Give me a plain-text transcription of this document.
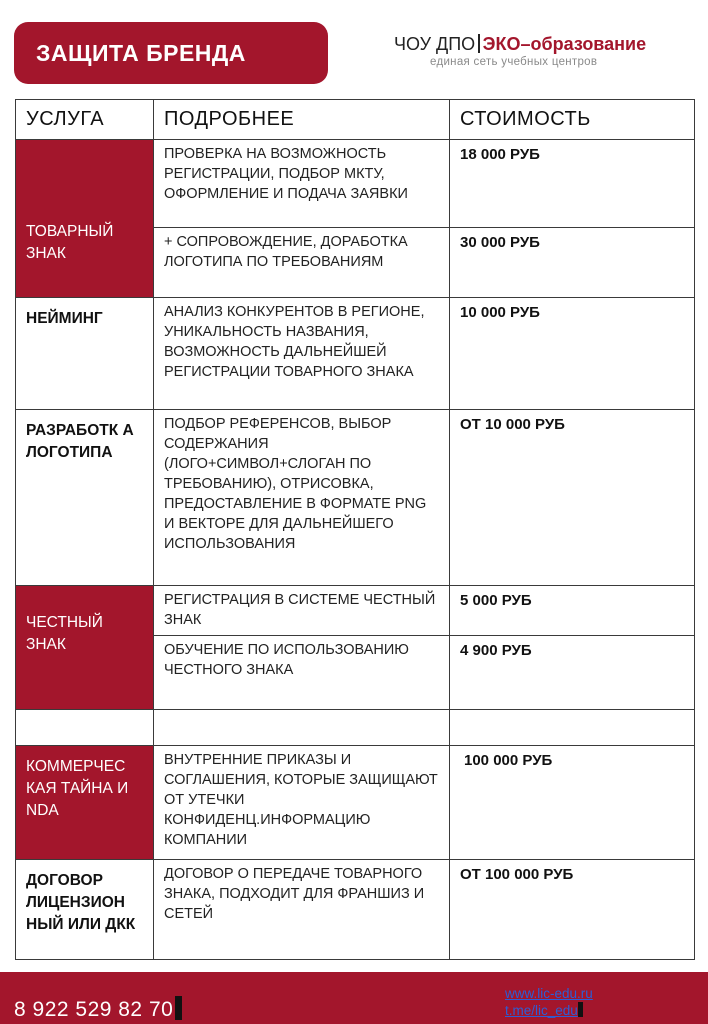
ЗАЩИТА БРЕНДА	ЧОУ ДПО ЭКО–образование
единая сеть учебных центров
УСЛУГА	ПОДРОБНЕЕ	СТОИМОСТЬ

ТОВАРНЫЙ ЗНАК	ПРОВЕРКА НА ВОЗМОЖНОСТЬ РЕГИСТРАЦИИ, ПОДБОР МКТУ, ОФОРМЛЕНИЕ И ПОДАЧА ЗАЯВКИ	18 000 РУБ
	+ СОПРОВОЖДЕНИЕ, ДОРАБОТКА ЛОГОТИПА ПО ТРЕБОВАНИЯМ	30 000 РУБ
НЕЙМИНГ	АНАЛИЗ КОНКУРЕНТОВ В РЕГИОНЕ, УНИКАЛЬНОСТЬ НАЗВАНИЯ, ВОЗМОЖНОСТЬ ДАЛЬНЕЙШЕЙ РЕГИСТРАЦИИ ТОВАРНОГО ЗНАКА	10 000 РУБ
РАЗРАБОТК А ЛОГОТИПА	ПОДБОР РЕФЕРЕНСОВ, ВЫБОР СОДЕРЖАНИЯ (ЛОГО+СИМВОЛ+СЛОГАН ПО ТРЕБОВАНИЮ), ОТРИСОВКА, ПРЕДОСТАВЛЕНИЕ В ФОРМАТЕ PNG И ВЕКТОРЕ ДЛЯ ДАЛЬНЕЙШЕГО ИСПОЛЬЗОВАНИЯ	ОТ 10 000 РУБ

ЧЕСТНЫЙ ЗНАК	РЕГИСТРАЦИЯ В СИСТЕМЕ ЧЕСТНЫЙ ЗНАК	5 000 РУБ
	ОБУЧЕНИЕ ПО ИСПОЛЬЗОВАНИЮ ЧЕСТНОГО ЗНАКА	4 900 РУБ

КОММЕРЧЕС КАЯ ТАЙНА И NDA	ВНУТРЕННИЕ ПРИКАЗЫ И СОГЛАШЕНИЯ, КОТОРЫЕ ЗАЩИЩАЮТ ОТ УТЕЧКИ КОНФИДЕНЦ.ИНФОРМАЦИЮ КОМПАНИИ	100 000 РУБ
ДОГОВОР ЛИЦЕНЗИОН НЫЙ ИЛИ ДКК	ДОГОВОР О ПЕРЕДАЧЕ ТОВАРНОГО ЗНАКА, ПОДХОДИТ ДЛЯ ФРАНШИЗ И СЕТЕЙ	ОТ 100 000 РУБ
8 922 529 82 70
www.lic-edu.ru
t.me/lic_edu
